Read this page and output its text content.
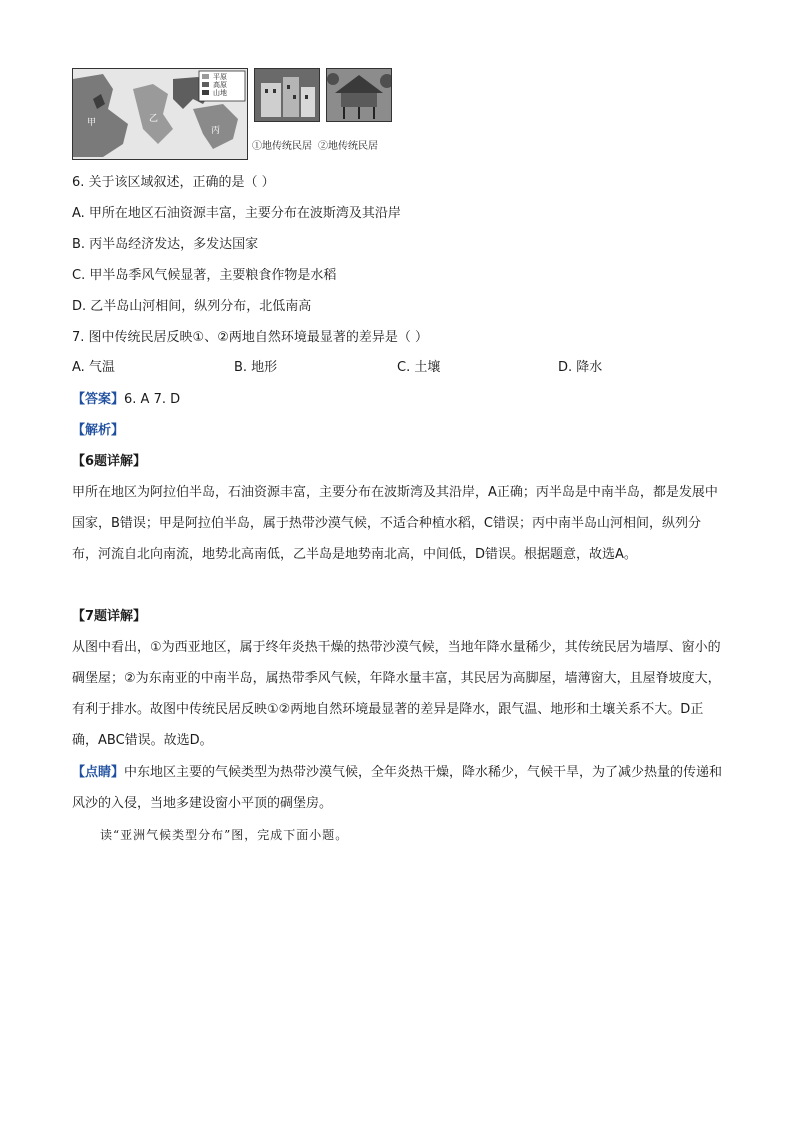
平原
高原
山地
甲	乙
丙
①地传统民居 ②地传统民居
6. 关于该区域叙述，正确的是（ ）
A. 甲所在地区石油资源丰富，主要分布在波斯湾及其沿岸
B. 丙半岛经济发达，多发达国家
C. 甲半岛季风气候显著，主要粮食作物是水稻
D. 乙半岛山河相间，纵列分布，北低南高
7. 图中传统民居反映①、②两地自然环境最显著的差异是（ ）
A. 气温	B. 地形	C. 土壤	D. 降水
【答案】6. A 7. D
【解析】
【6题详解】
甲所在地区为阿拉伯半岛，石油资源丰富，主要分布在波斯湾及其沿岸，A正确；丙半岛是中南半岛，都是发展中国家，B错误；甲是阿拉伯半岛，属于热带沙漠气候，不适合种植水稻，C错误；丙中南半岛山河相间，纵列分布，河流自北向南流，地势北高南低，乙半岛是地势南北高，中间低，D错误。根据题意，故选A。
【7题详解】
从图中看出，①为西亚地区，属于终年炎热干燥的热带沙漠气候，当地年降水量稀少，其传统民居为墙厚、窗小的碉堡屋；②为东南亚的中南半岛，属热带季风气候，年降水量丰富，其民居为高脚屋，墙薄窗大，且屋脊坡度大，有利于排水。故图中传统民居反映①②两地自然环境最显著的差异是降水，跟气温、地形和土壤关系不大。D正确，ABC错误。故选D。
【点睛】中东地区主要的气候类型为热带沙漠气候，全年炎热干燥，降水稀少，气候干旱，为了减少热量的传递和风沙的入侵，当地多建设窗小平顶的碉堡房。
读“亚洲气候类型分布”图，完成下面小题。
